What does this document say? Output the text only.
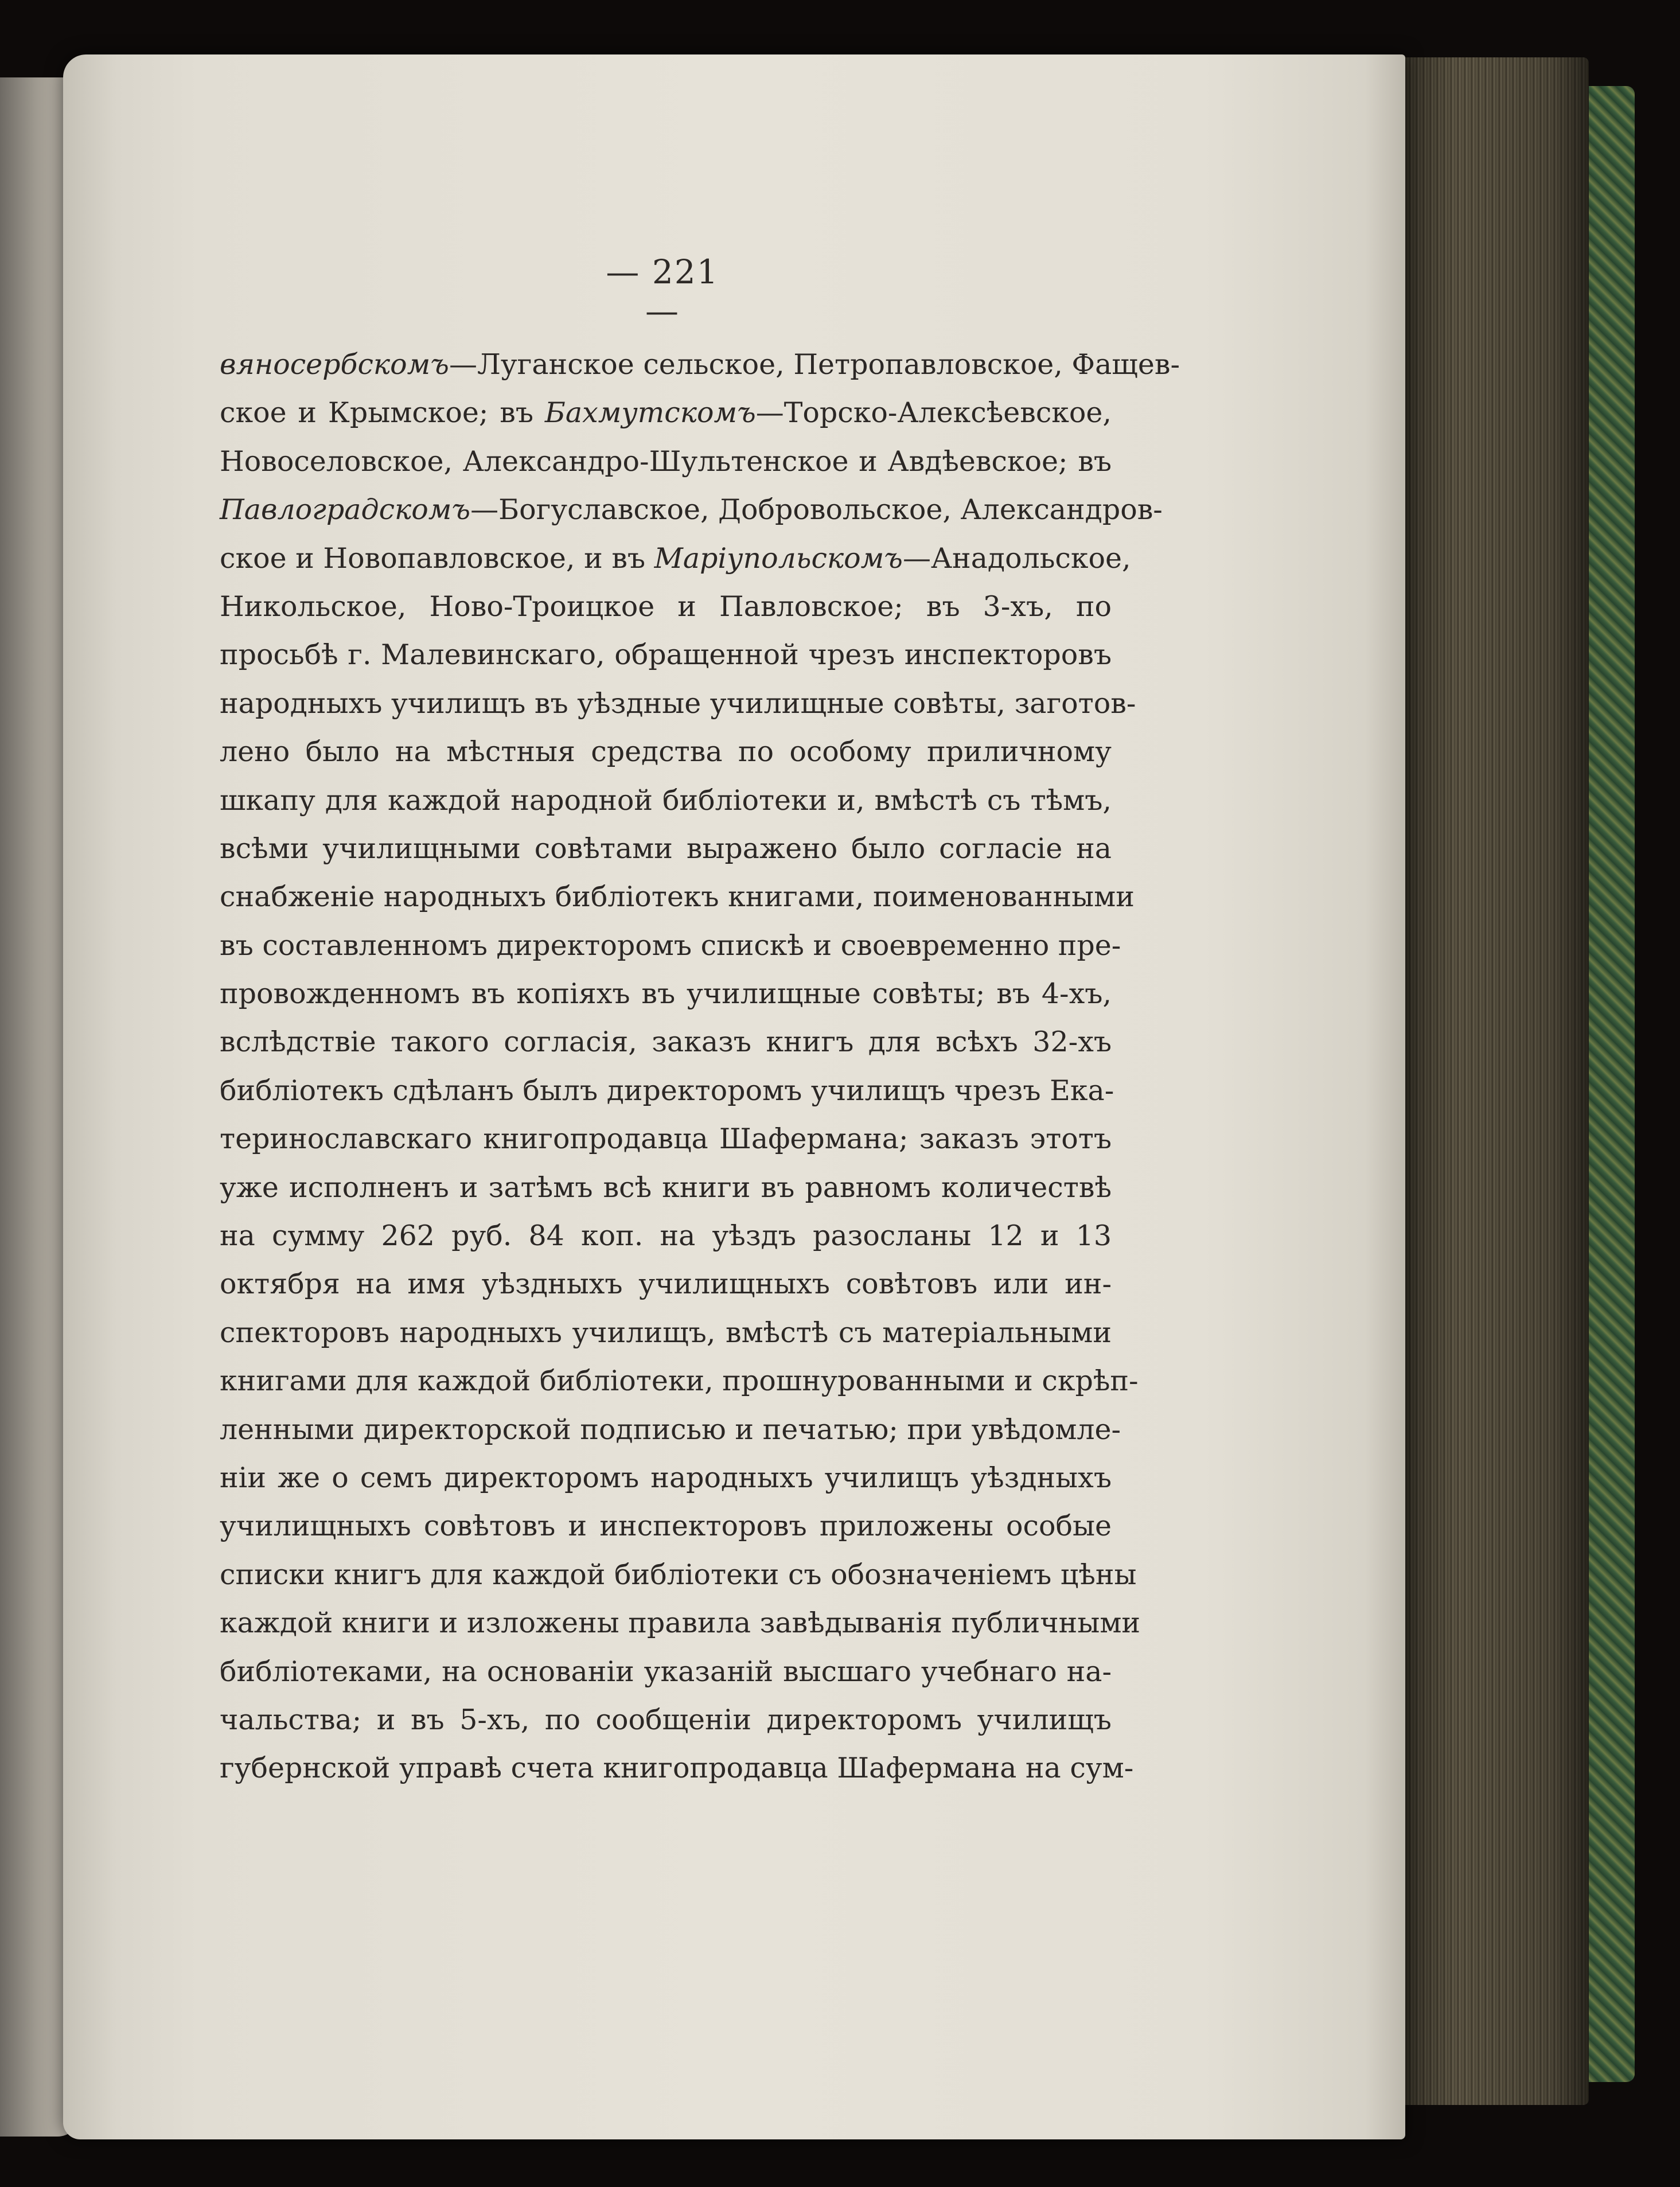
— 221 —
вяносербскомъ—Луганское сельское, Петропавловское, Фащев-
ское и Крымское; въ Бахмутскомъ—Торско-Алексѣевское,
Новоселовское, Александро-Шультенское и Авдѣевское; въ
Павлоградскомъ—Богуславское, Добровольское, Александров-
ское и Новопавловское, и въ Маріупольскомъ—Анадольское,
Никольское, Ново-Троицкое и Павловское; въ 3-хъ, по
просьбѣ г. Малевинскаго, обращенной чрезъ инспекторовъ
народныхъ училищъ въ уѣздные училищные совѣты, заготов-
лено было на мѣстныя средства по особому приличному
шкапу для каждой народной библіотеки и, вмѣстѣ съ тѣмъ,
всѣми училищными совѣтами выражено было согласіе на
снабженіе народныхъ библіотекъ книгами, поименованными
въ составленномъ директоромъ спискѣ и своевременно пре-
провожденномъ въ копіяхъ въ училищные совѣты; въ 4-хъ,
вслѣдствіе такого согласія, заказъ книгъ для всѣхъ 32-хъ
библіотекъ сдѣланъ былъ директоромъ училищъ чрезъ Ека-
теринославскаго книгопродавца Шафермана; заказъ этотъ
уже исполненъ и затѣмъ всѣ книги въ равномъ количествѣ
на сумму 262 руб. 84 коп. на уѣздъ разосланы 12 и 13
октября на имя уѣздныхъ училищныхъ совѣтовъ или ин-
спекторовъ народныхъ училищъ, вмѣстѣ съ матеріальными
книгами для каждой библіотеки, прошнурованными и скрѣп-
ленными директорской подписью и печатью; при увѣдомле-
ніи же о семъ директоромъ народныхъ училищъ уѣздныхъ
училищныхъ совѣтовъ и инспекторовъ приложены особые
списки книгъ для каждой библіотеки съ обозначеніемъ цѣны
каждой книги и изложены правила завѣдыванія публичными
библіотеками, на основаніи указаній высшаго учебнаго на-
чальства; и въ 5-хъ, по сообщеніи директоромъ училищъ
губернской управѣ счета книгопродавца Шафермана на сум-
